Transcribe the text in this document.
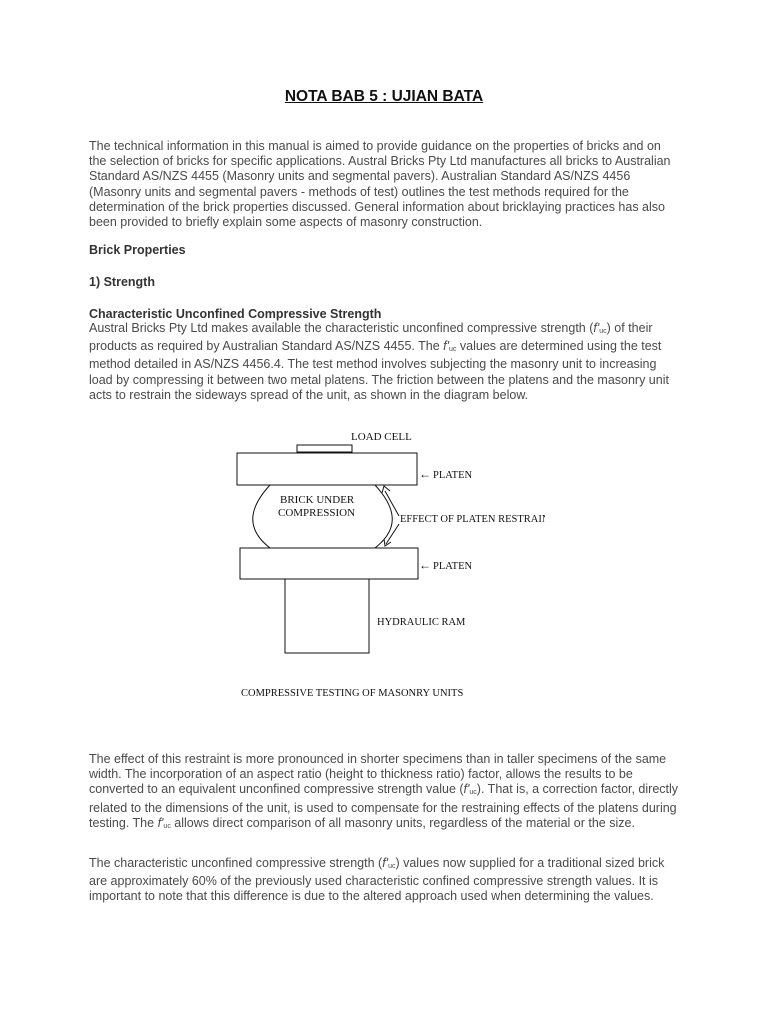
NOTA BAB 5 : UJIAN BATA

The technical information in this manual is aimed to provide guidance on the properties of bricks and on the selection of bricks for specific applications. Austral Bricks Pty Ltd manufactures all bricks to Australian Standard AS/NZS 4455 (Masonry units and segmental pavers). Australian Standard AS/NZS 4456 (Masonry units and segmental pavers - methods of test) outlines the test methods required for the determination of the brick properties discussed. General information about bricklaying practices has also been provided to briefly explain some aspects of masonry construction.

Brick Properties
1) Strength
Characteristic Unconfined Compressive Strength

Austral Bricks Pty Ltd makes available the characteristic unconfined compressive strength (f'uc) of their products as required by Australian Standard AS/NZS 4455. The f'uc values are determined using the test method detailed in AS/NZS 4456.4. The test method involves subjecting the masonry unit to increasing load by compressing it between two metal platens. The friction between the platens and the masonry unit acts to restrain the sideways spread of the unit, as shown in the diagram below.

LOAD CELL
← PLATEN
BRICK UNDER
COMPRESSION
EFFECT OF PLATEN RESTRAINT
← PLATEN
HYDRAULIC RAM
COMPRESSIVE TESTING OF MASONRY UNITS

The effect of this restraint is more pronounced in shorter specimens than in taller specimens of the same width. The incorporation of an aspect ratio (height to thickness ratio) factor, allows the results to be converted to an equivalent unconfined compressive strength value (f'uc). That is, a correction factor, directly related to the dimensions of the unit, is used to compensate for the restraining effects of the platens during testing. The f'uc allows direct comparison of all masonry units, regardless of the material or the size.

The characteristic unconfined compressive strength (f'uc) values now supplied for a traditional sized brick are approximately 60% of the previously used characteristic confined compressive strength values. It is important to note that this difference is due to the altered approach used when determining the values.
